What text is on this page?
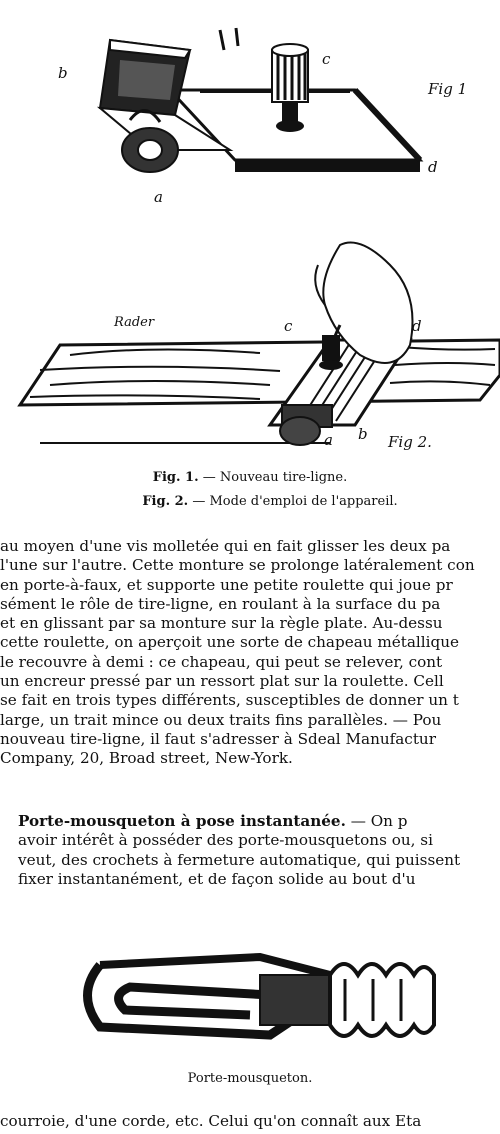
b
c
a
d
Fig 1
Rader	c	d
a b Fig 2.
Fig. 1. — Nouveau tire-ligne.
Fig. 2. — Mode d'emploi de l'appareil.
au moyen d'une vis molletée qui en fait glisser les deux pa
l'une sur l'autre. Cette monture se prolonge latéralement con
en porte-à-faux, et supporte une petite roulette qui joue pr
sément le rôle de tire-ligne, en roulant à la surface du pa
et en glissant par sa monture sur la règle plate. Au-dessu
cette roulette, on aperçoit une sorte de chapeau métallique
le recouvre à demi : ce chapeau, qui peut se relever, cont
un encreur pressé par un ressort plat sur la roulette. Cell
se fait en trois types différents, susceptibles de donner un t
large, un trait mince ou deux traits fins parallèles. — Pou
nouveau tire-ligne, il faut s'adresser à Sdeal Manufactur
Company, 20, Broad street, New-York.
Porte-mousqueton à pose instantanée. — On p
avoir intérêt à posséder des porte-mousquetons ou, si
veut, des crochets à fermeture automatique, qui puissent
fixer instantanément, et de façon solide au bout d'u
Porte-mousqueton.
courroie, d'une corde, etc. Celui qu'on connaît aux Eta
